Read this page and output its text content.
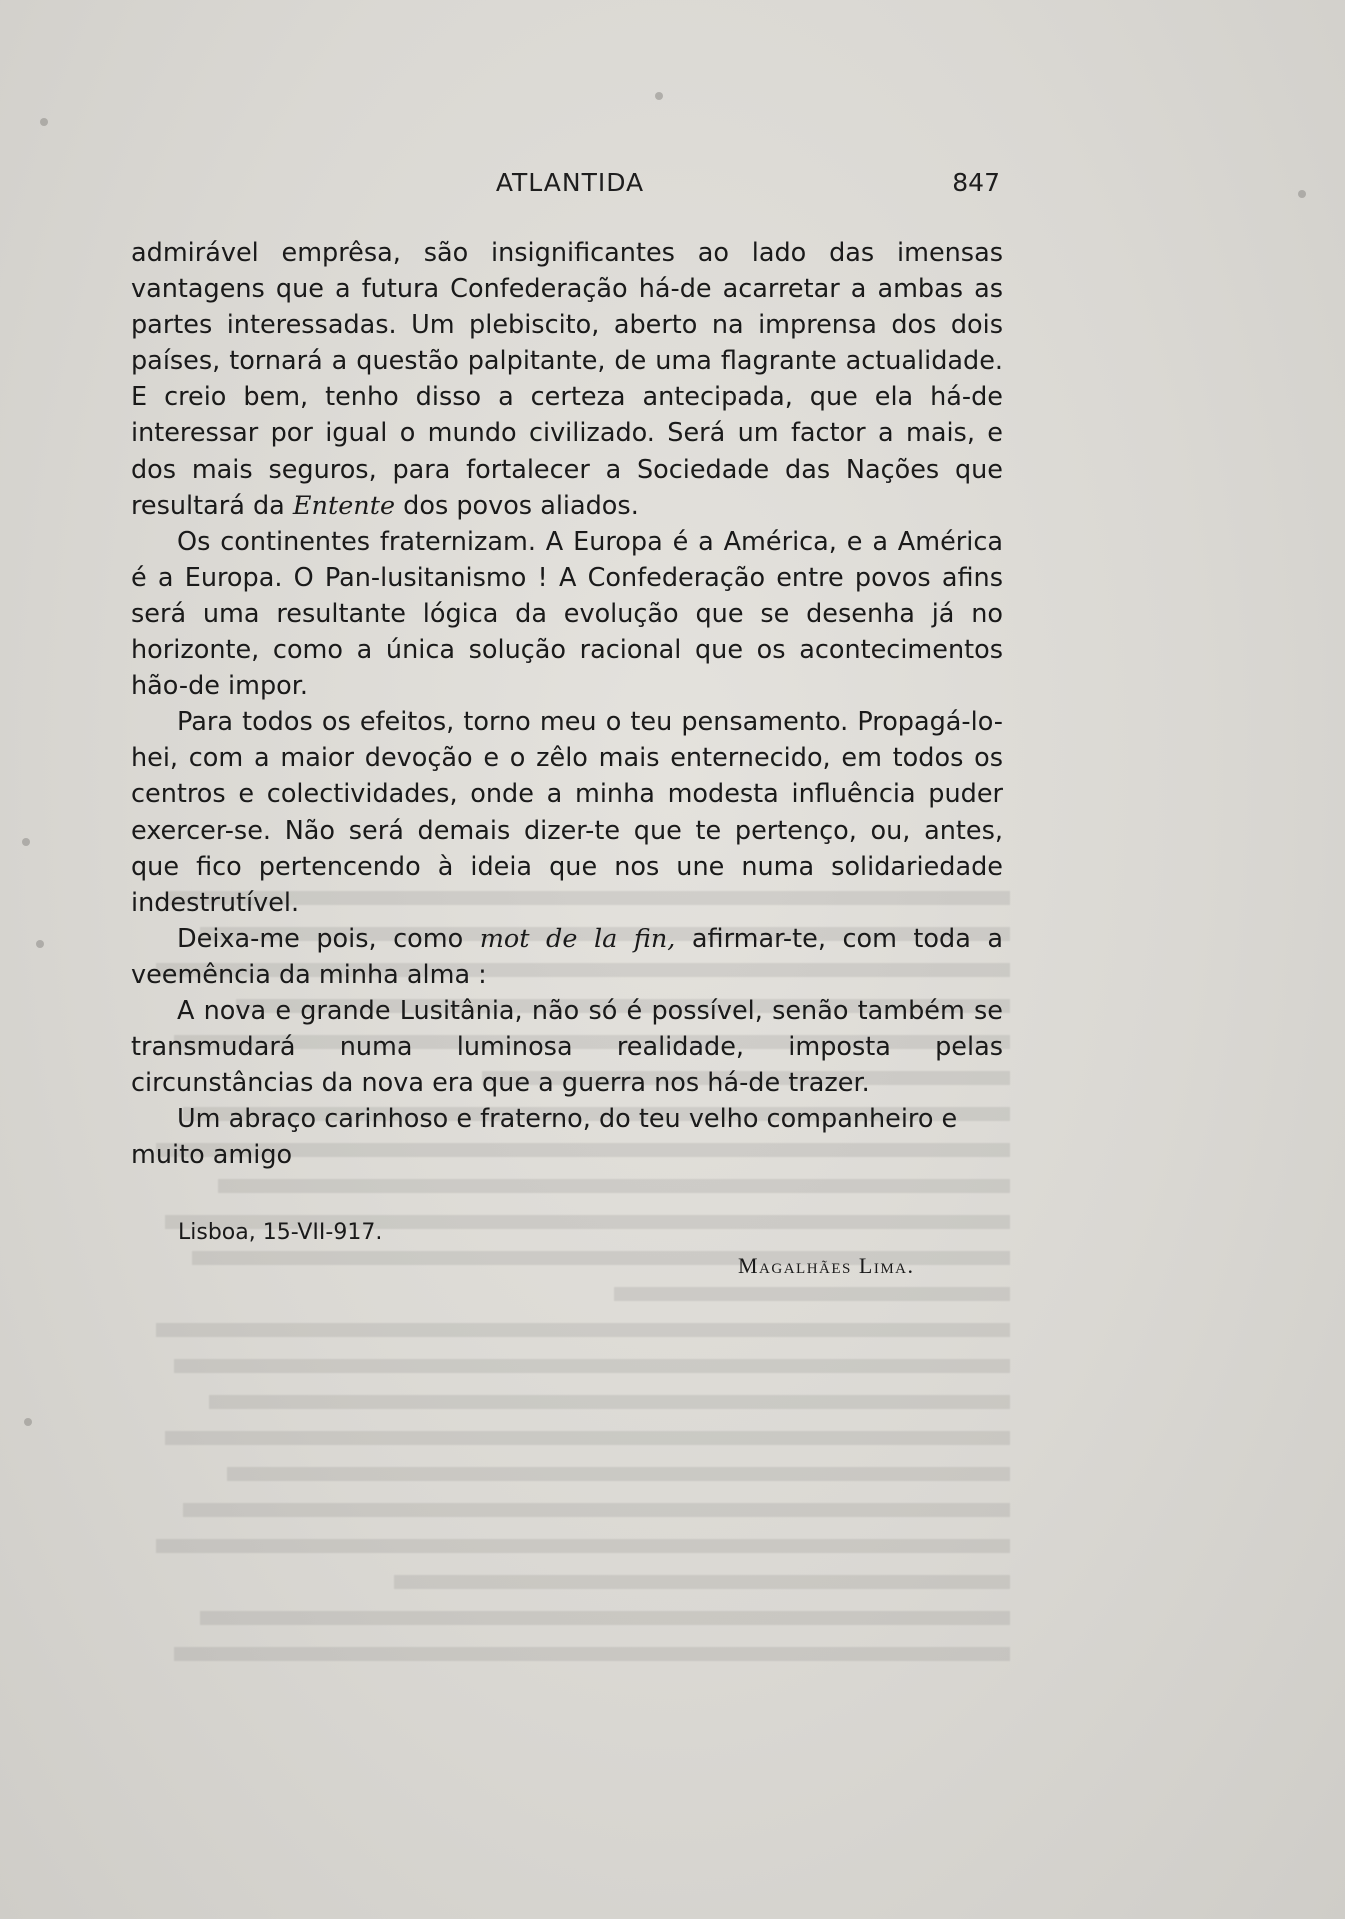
ATLANTIDA	847

admirável emprêsa, são insignificantes ao lado das imensas vantagens que a futura Confederação há-de acarretar a ambas as partes interessadas. Um plebiscito, aberto na imprensa dos dois países, tornará a questão palpitante, de uma flagrante actualidade. E creio bem, tenho disso a certeza antecipada, que ela há-de interessar por igual o mundo civilizado. Será um factor a mais, e dos mais seguros, para fortalecer a Sociedade das Nações que resultará da Entente dos povos aliados.

Os continentes fraternizam. A Europa é a América, e a América é a Europa. O Pan-lusitanismo ! A Confederação entre povos afins será uma resultante lógica da evolução que se desenha já no horizonte, como a única solução racional que os acontecimentos hão-de impor.

Para todos os efeitos, torno meu o teu pensamento. Propagá-lo-hei, com a maior devoção e o zêlo mais enternecido, em todos os centros e colectividades, onde a minha modesta influência puder exercer-se. Não será demais dizer-te que te pertenço, ou, antes, que fico pertencendo à ideia que nos une numa solidariedade indestrutível.

Deixa-me pois, como mot de la fin, afirmar-te, com toda a veemência da minha alma :

A nova e grande Lusitânia, não só é possível, senão também se transmudará numa luminosa realidade, imposta pelas circunstâncias da nova era que a guerra nos há-de trazer.

Um abraço carinhoso e fraterno, do teu velho companheiro e muito amigo

Lisboa, 15-VII-917.
Magalhães Lima.
